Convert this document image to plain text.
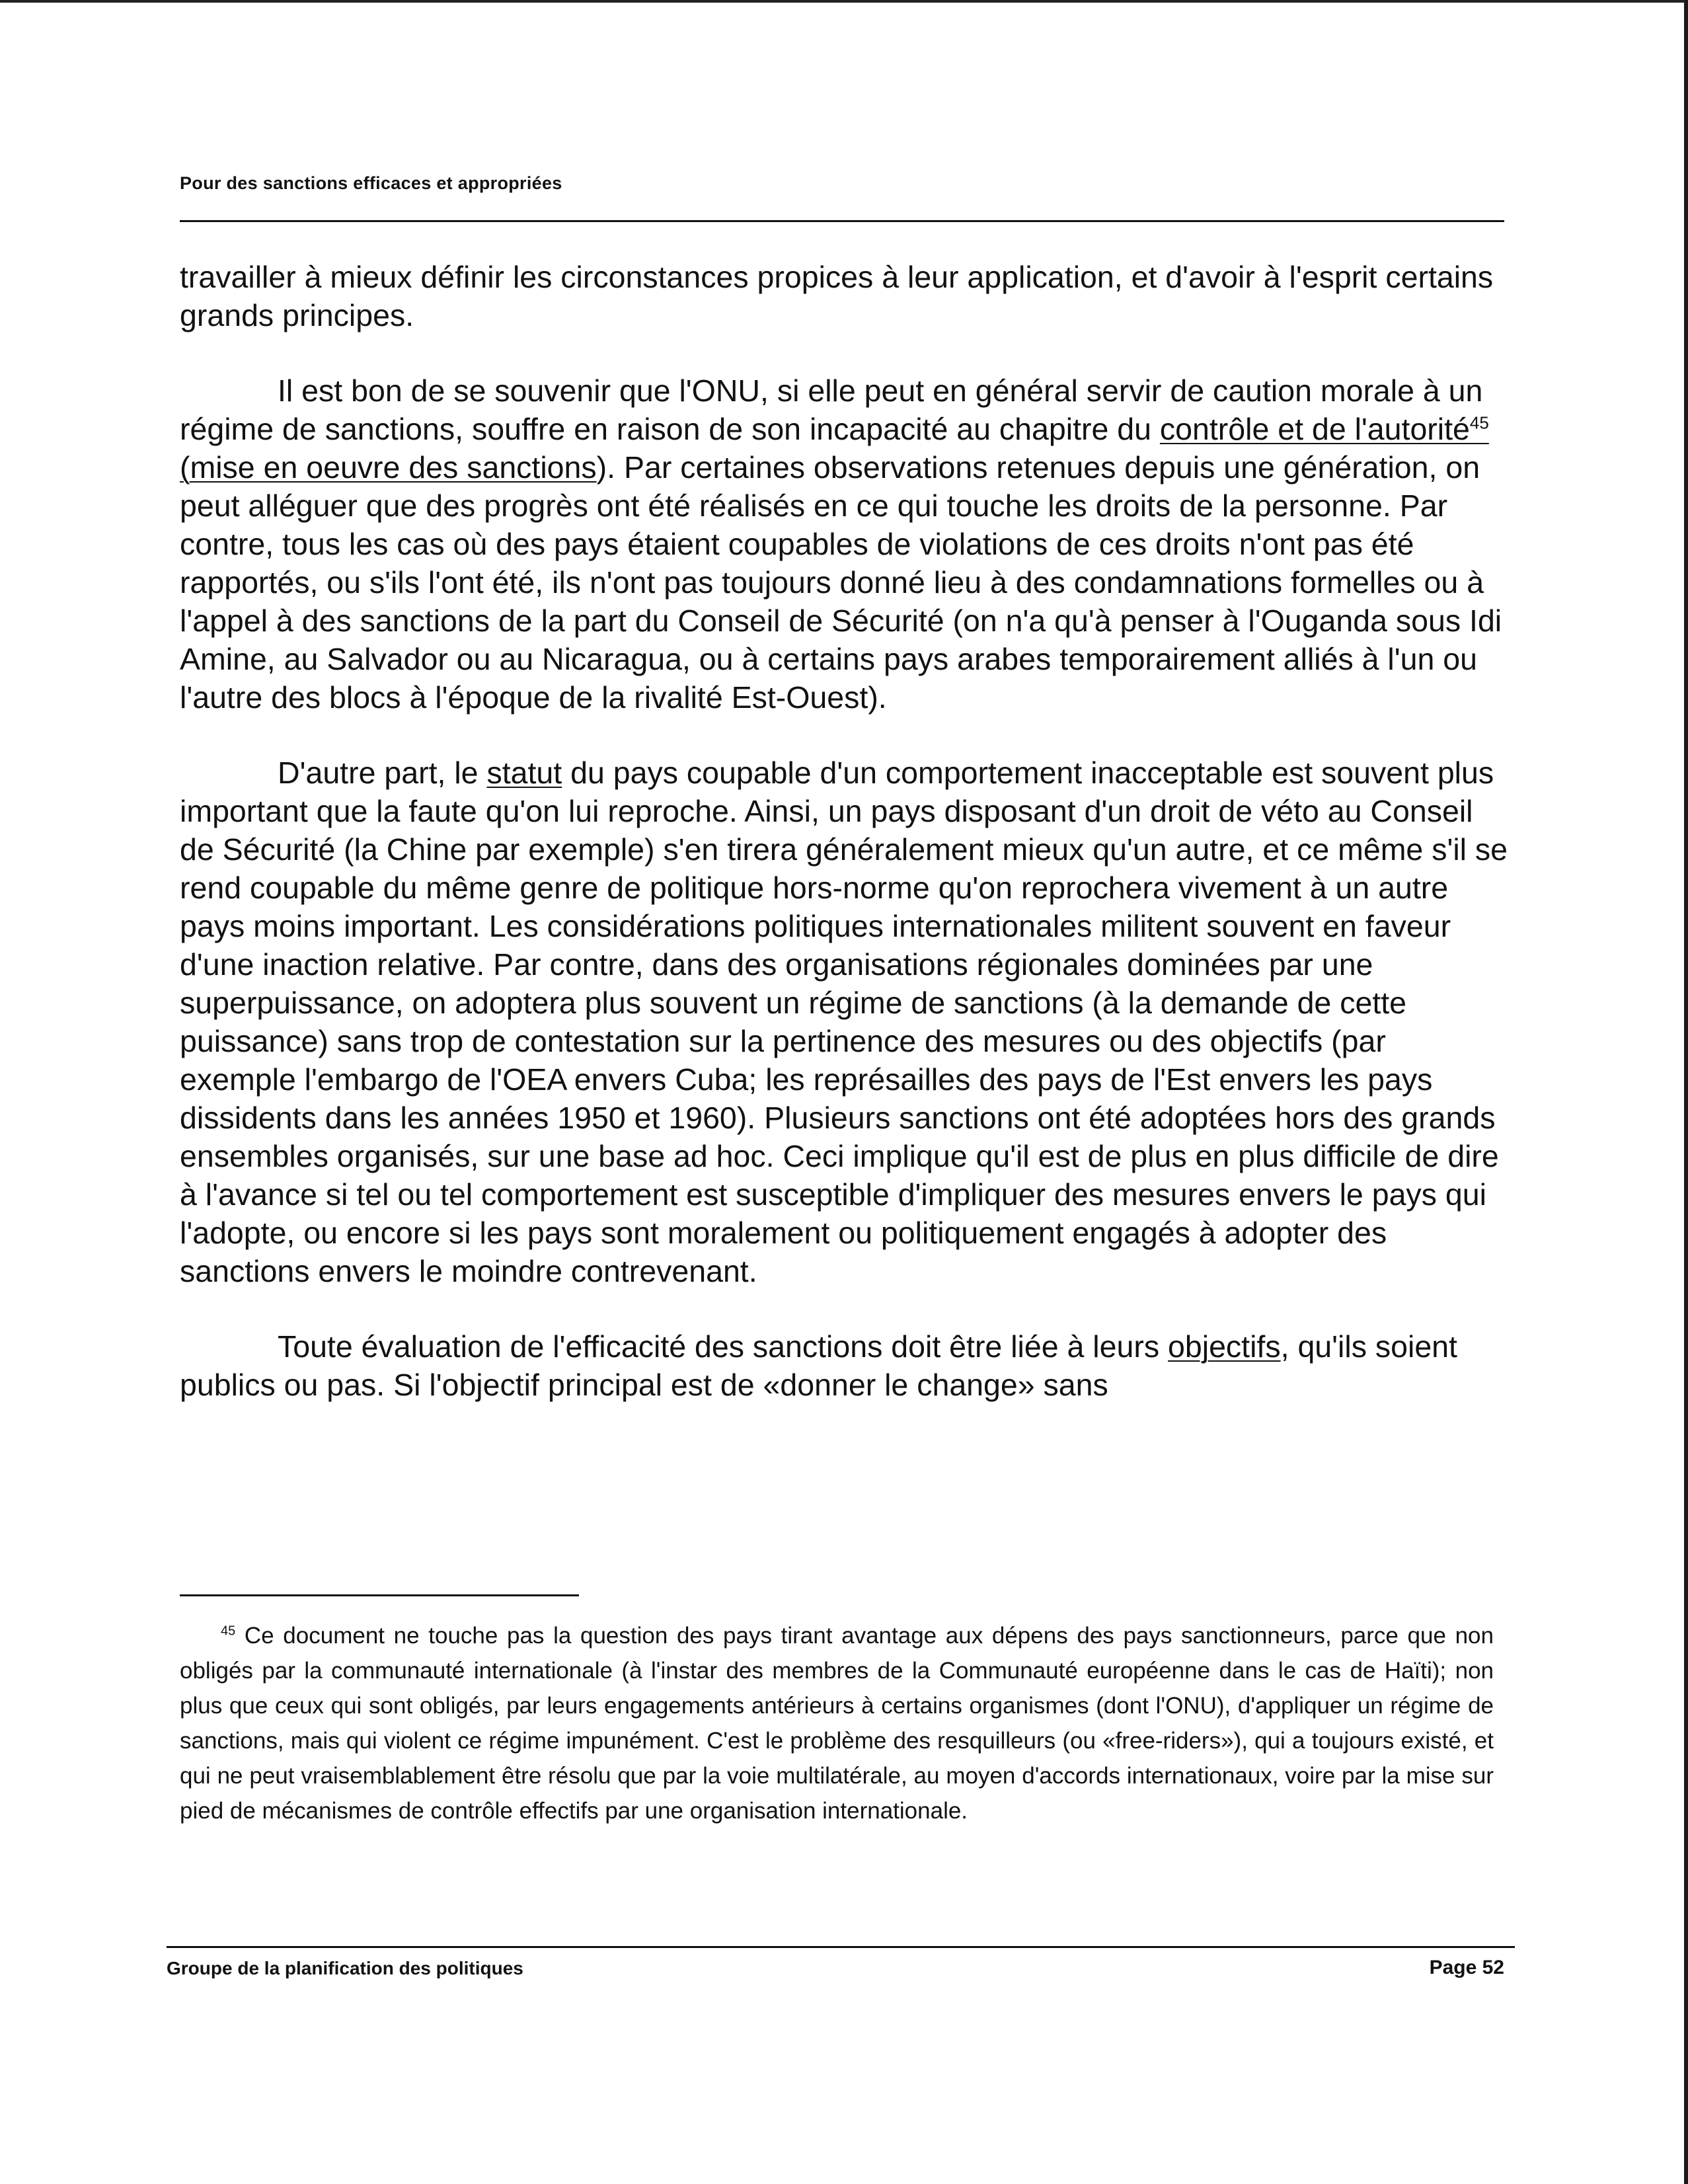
Pour des sanctions efficaces et appropriées

travailler à mieux définir les circonstances propices à leur application, et d'avoir à l'esprit certains grands principes.

Il est bon de se souvenir que l'ONU, si elle peut en général servir de caution morale à un régime de sanctions, souffre en raison de son incapacité au chapitre du contrôle et de l'autorité$^{45}$ (mise en oeuvre des sanctions). Par certaines observations retenues depuis une génération, on peut alléguer que des progrès ont été réalisés en ce qui touche les droits de la personne. Par contre, tous les cas où des pays étaient coupables de violations de ces droits n'ont pas été rapportés, ou s'ils l'ont été, ils n'ont pas toujours donné lieu à des condamnations formelles ou à l'appel à des sanctions de la part du Conseil de Sécurité (on n'a qu'à penser à l'Ouganda sous Idi Amine, au Salvador ou au Nicaragua, ou à certains pays arabes temporairement alliés à l'un ou l'autre des blocs à l'époque de la rivalité Est-Ouest).

D'autre part, le statut du pays coupable d'un comportement inacceptable est souvent plus important que la faute qu'on lui reproche. Ainsi, un pays disposant d'un droit de véto au Conseil de Sécurité (la Chine par exemple) s'en tirera généralement mieux qu'un autre, et ce même s'il se rend coupable du même genre de politique hors-norme qu'on reprochera vivement à un autre pays moins important. Les considérations politiques internationales militent souvent en faveur d'une inaction relative. Par contre, dans des organisations régionales dominées par une superpuissance, on adoptera plus souvent un régime de sanctions (à la demande de cette puissance) sans trop de contestation sur la pertinence des mesures ou des objectifs (par exemple l'embargo de l'OEA envers Cuba; les représailles des pays de l'Est envers les pays dissidents dans les années 1950 et 1960). Plusieurs sanctions ont été adoptées hors des grands ensembles organisés, sur une base ad hoc. Ceci implique qu'il est de plus en plus difficile de dire à l'avance si tel ou tel comportement est susceptible d'impliquer des mesures envers le pays qui l'adopte, ou encore si les pays sont moralement ou politiquement engagés à adopter des sanctions envers le moindre contrevenant.

Toute évaluation de l'efficacité des sanctions doit être liée à leurs objectifs, qu'ils soient publics ou pas. Si l'objectif principal est de «donner le change» sans

$^{45}$ Ce document ne touche pas la question des pays tirant avantage aux dépens des pays sanctionneurs, parce que non obligés par la communauté internationale (à l'instar des membres de la Communauté européenne dans le cas de Haïti); non plus que ceux qui sont obligés, par leurs engagements antérieurs à certains organismes (dont l'ONU), d'appliquer un régime de sanctions, mais qui violent ce régime impunément. C'est le problème des resquilleurs (ou «free-riders»), qui a toujours existé, et qui ne peut vraisemblablement être résolu que par la voie multilatérale, au moyen d'accords internationaux, voire par la mise sur pied de mécanismes de contrôle effectifs par une organisation internationale.

Groupe de la planification des politiques	Page 52
